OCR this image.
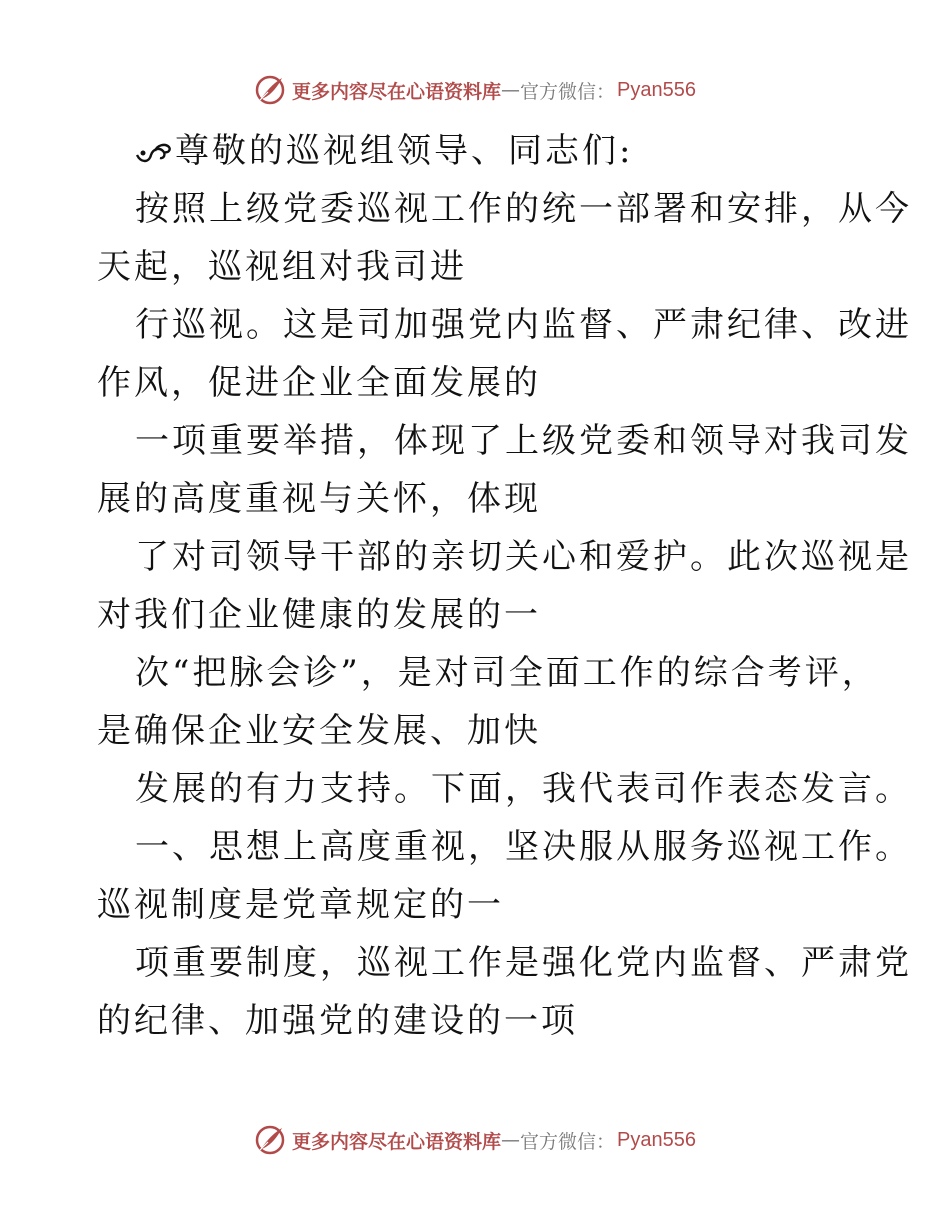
更多内容尽在心语资料库 — 官方微信： Pyan556
尊敬的巡视组领导、同志们:
按照上级党委巡视工作的统一部署和安排，从今
天起，巡视组对我司进
行巡视。这是司加强党内监督、严肃纪律、改进
作风，促进企业全面发展的
一项重要举措，体现了上级党委和领导对我司发
展的高度重视与关怀，体现
了对司领导干部的亲切关心和爱护。此次巡视是
对我们企业健康的发展的一
次“把脉会诊”，是对司全面工作的综合考评，
是确保企业安全发展、加快
发展的有力支持。下面，我代表司作表态发言。
一、思想上高度重视，坚决服从服务巡视工作。
巡视制度是党章规定的一
项重要制度，巡视工作是强化党内监督、严肃党
的纪律、加强党的建设的一项
更多内容尽在心语资料库 — 官方微信： Pyan556
